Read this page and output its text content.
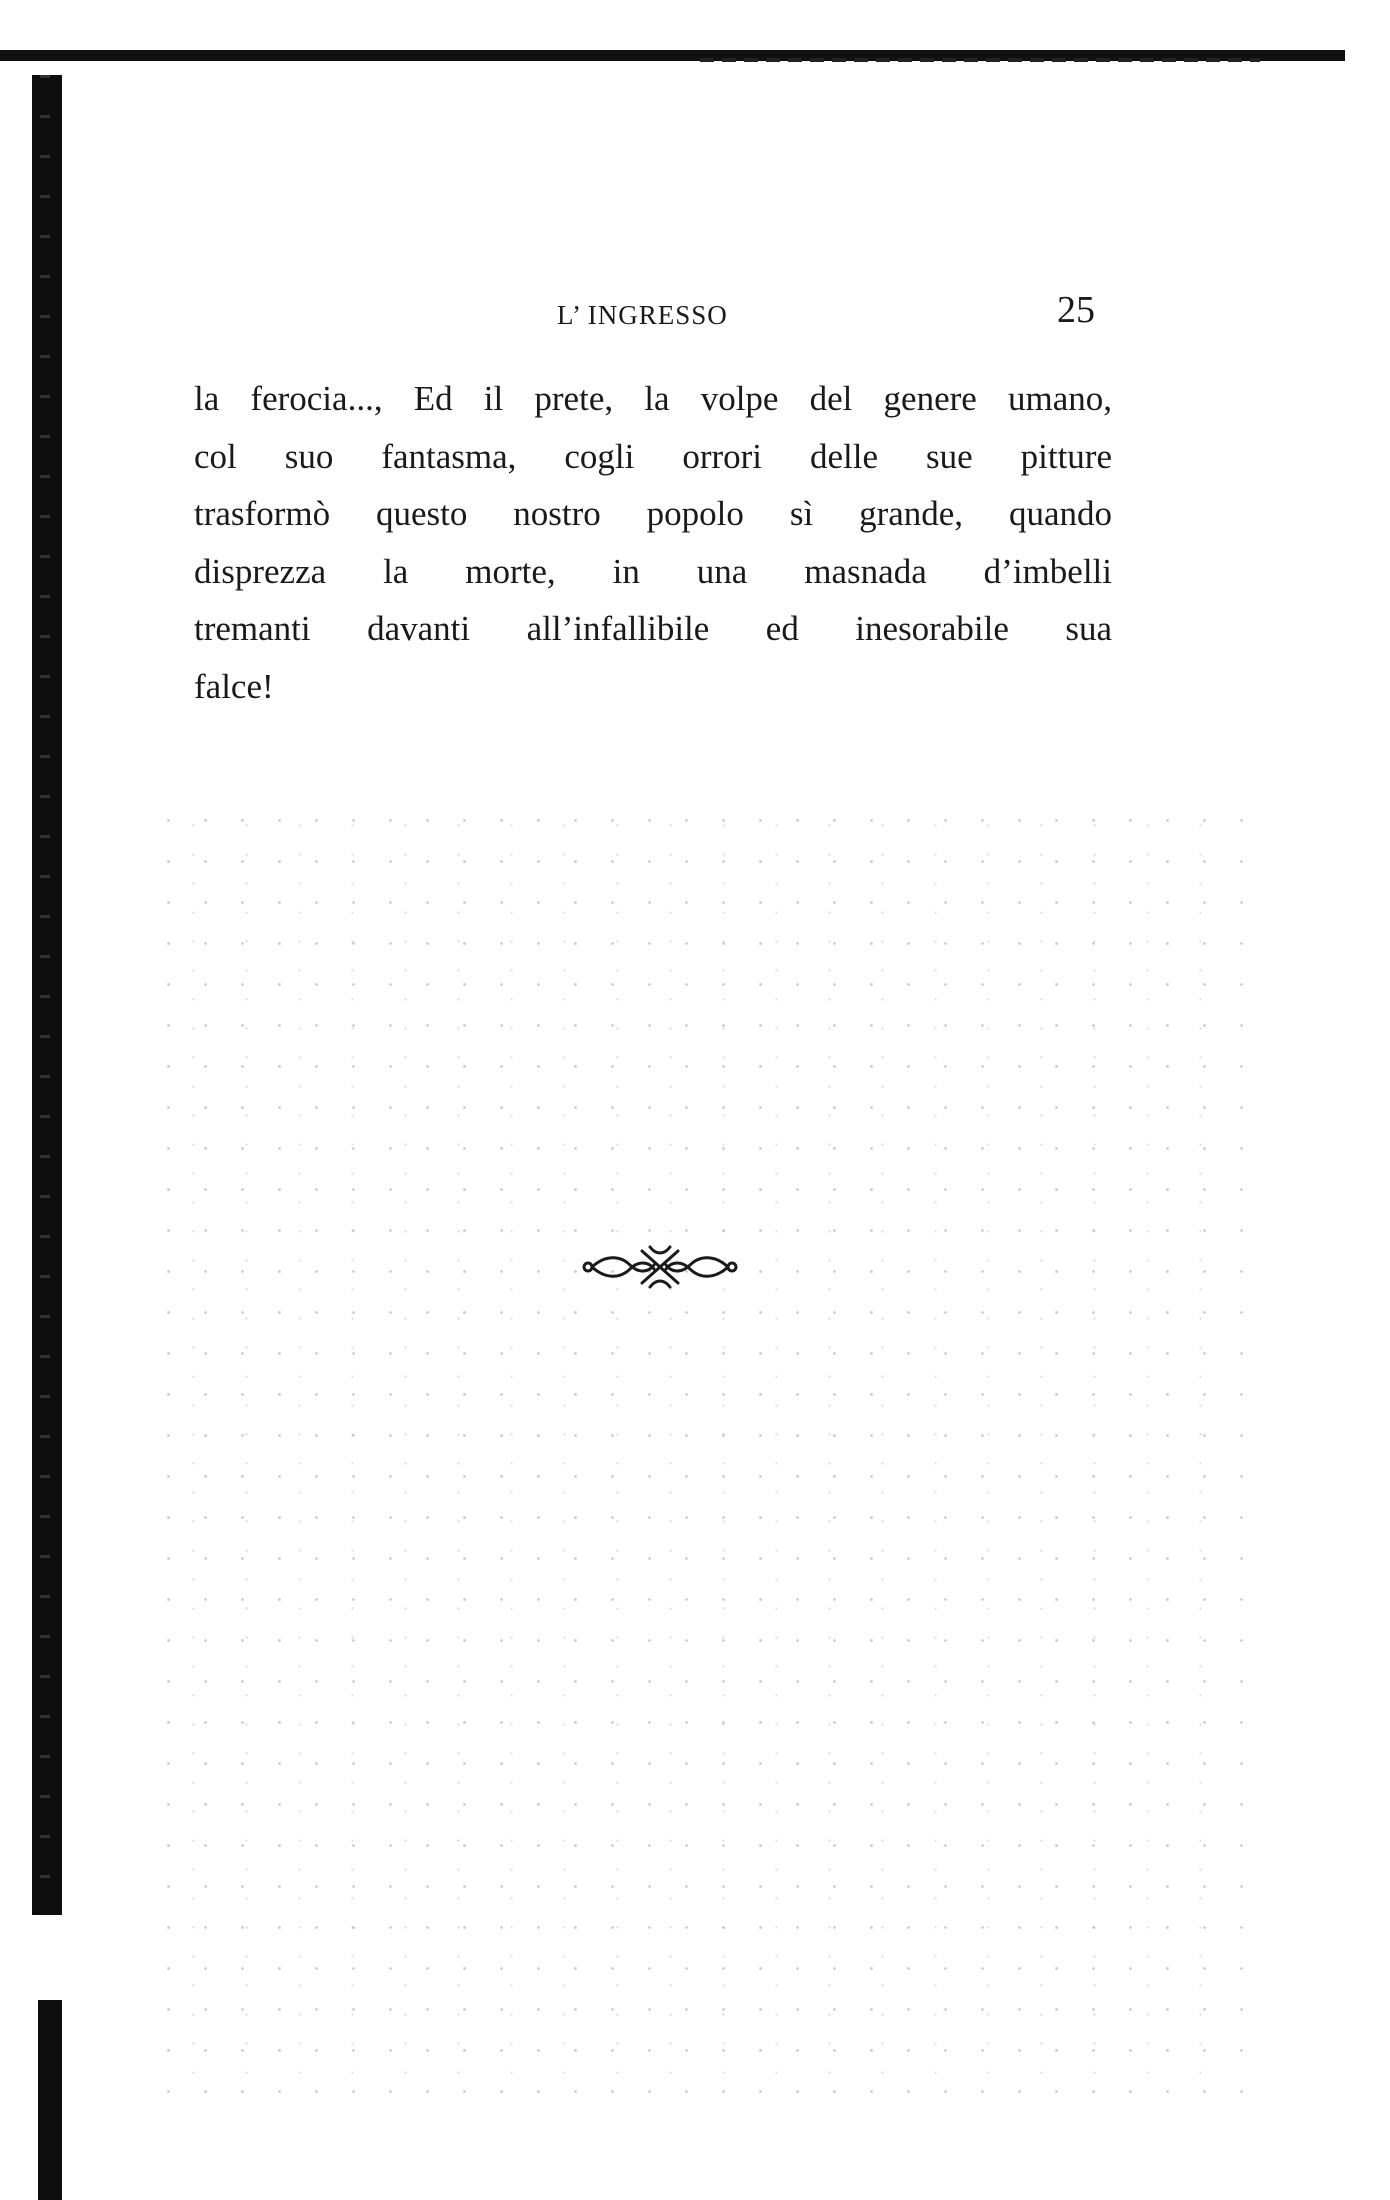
L’ INGRESSO	25
la ferocia..., Ed il prete, la volpe del genere umano,
col suo fantasma, cogli orrori delle sue pitture
trasformò questo nostro popolo sì grande, quando
disprezza la morte, in una masnada d’imbelli
tremanti davanti all’infallibile ed inesorabile sua
falce!
